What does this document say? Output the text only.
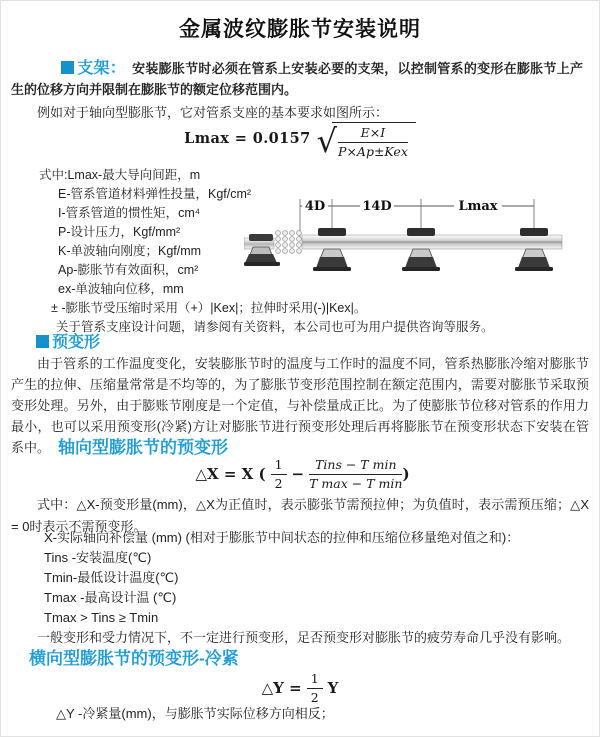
金属波纹膨胀节安装说明
支架： 安装膨胀节时必须在管系上安装必要的支架，以控制管系的变形在膨胀节上产生的位移方向并限制在膨胀节的额定位移范围内。
例如对于轴向型膨胀节，它对管系支座的基本要求如图所示：
Lmax = 0.0157 √ $\frac{E\times I}{\text{P×Ap±Kex}}$
式中:Lmax-最大导向间距，m
E-管系管道材料弹性投量，Kgf/cm²
I-管系管道的惯性矩，cm⁴
P-设计压力，Kgf/mm²
K-单波轴向刚度；Kgf/mm
Ap-膨胀节有效面积，cm²
ex-单波轴向位移，mm
± -膨胀节受压缩时采用（+）|Kex|；拉伸时采用(-)|Kex|。
关于管系支座设计问题，请参阅有关资料，本公司也可为用户提供咨询等服务。
4D	14D	Lmax
预变形
由于管系的工作温度变化，安装膨胀节时的温度与工作时的温度不同，管系热膨胀冷缩对膨胀节产生的拉伸、压缩量常常是不均等的，为了膨胀节变形范围控制在额定范围内，需要对膨胀节采取预变形处理。另外，由于膨账节刚度是一个定值，与补偿量成正比。为了使膨胀节位移对管系的作用力最小，也可以采用预变形(冷紧)方让对膨胀节进行预变形处理后再将膨胀节在预变形状态下安装在管系中。 轴向型膨胀节的预变形
△X = X ( $\frac{1}{2} - \frac{\text{Tins − T min}}{\text{T max − T min}}$ )
式中：△X-预变形量(mm)，△X为正值时，表示膨张节需预拉伸；为负值时，表示需预压缩；△X = 0时表示不需预变形。
X-实际轴向补偿量 (mm) (相对于膨胀节中间状态的拉伸和压缩位移量绝对值之和)：
Tins -安装温度(℃)
Tmin-最低设计温度(℃)
Tmax -最高设计温 (℃)
Tmax > Tins ≥ Tmin
一般变形和受力情况下，不一定进行预变形，足否预变形对膨胀节的疲劳寿命几乎没有影响。
横向型膨胀节的预变形-冷紧
△Y = $\frac{1}{2}$ Y
△Y -冷紧量(mm)，与膨胀节实际位移方向相反；
